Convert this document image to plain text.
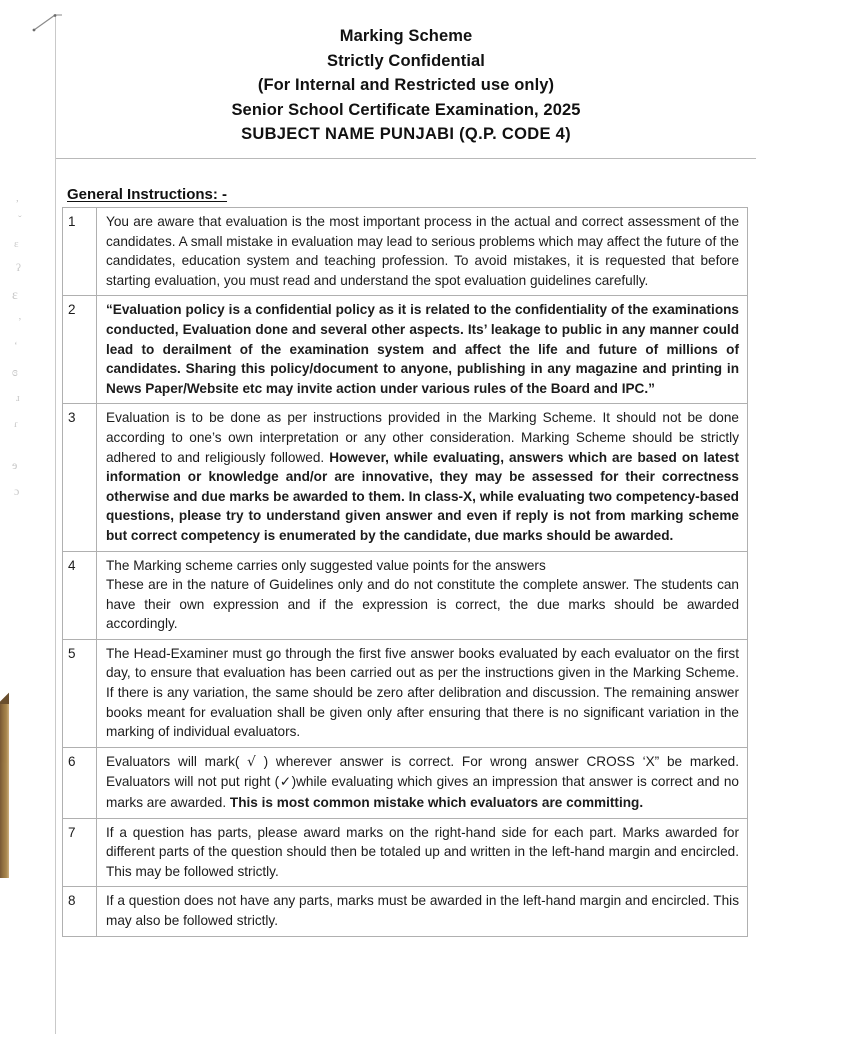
,
ˇ
ɛ
ʔ
ɛ
ʼ
ʻ
ɞ
ɹ
ɾ
ɘ
ɔ
Marking Scheme
Strictly Confidential
(For Internal and Restricted use only)
Senior School Certificate Examination, 2025
SUBJECT NAME PUNJABI (Q.P. CODE 4)
General Instructions: -
1	You are aware that evaluation is the most important process in the actual and correct assessment of the candidates. A small mistake in evaluation may lead to serious problems which may affect the future of the candidates, education system and teaching profession. To avoid mistakes, it is requested that before starting evaluation, you must read and understand the spot evaluation guidelines carefully.
2	“Evaluation policy is a confidential policy as it is related to the confidentiality of the examinations conducted, Evaluation done and several other aspects. Its’ leakage to public in any manner could lead to derailment of the examination system and affect the life and future of millions of candidates. Sharing this policy/document to anyone, publishing in any magazine and printing in News Paper/Website etc may invite action under various rules of the Board and IPC.”
3	Evaluation is to be done as per instructions provided in the Marking Scheme. It should not be done according to one’s own interpretation or any other consideration. Marking Scheme should be strictly adhered to and religiously followed. However, while evaluating, answers which are based on latest information or knowledge and/or are innovative, they may be assessed for their correctness otherwise and due marks be awarded to them. In class-X, while evaluating two competency-based questions, please try to understand given answer and even if reply is not from marking scheme but correct competency is enumerated by the candidate, due marks should be awarded.
4	The Marking scheme carries only suggested value points for the answers
These are in the nature of Guidelines only and do not constitute the complete answer. The students can have their own expression and if the expression is correct, the due marks should be awarded accordingly.

5	The Head-Examiner must go through the first five answer books evaluated by each evaluator on the first day, to ensure that evaluation has been carried out as per the instructions given in the Marking Scheme. If there is any variation, the same should be zero after delibration and discussion. The remaining answer books meant for evaluation shall be given only after ensuring that there is no significant variation in the marking of individual evaluators.
6	Evaluators will mark( √ ) wherever answer is correct. For wrong answer CROSS ‘X” be marked. Evaluators will not put right (✓)while evaluating which gives an impression that answer is correct and no marks are awarded. This is most common mistake which evaluators are committing.
7	If a question has parts, please award marks on the right-hand side for each part. Marks awarded for different parts of the question should then be totaled up and written in the left-hand margin and encircled. This may be followed strictly.
8	If a question does not have any parts, marks must be awarded in the left-hand margin and encircled. This may also be followed strictly.
